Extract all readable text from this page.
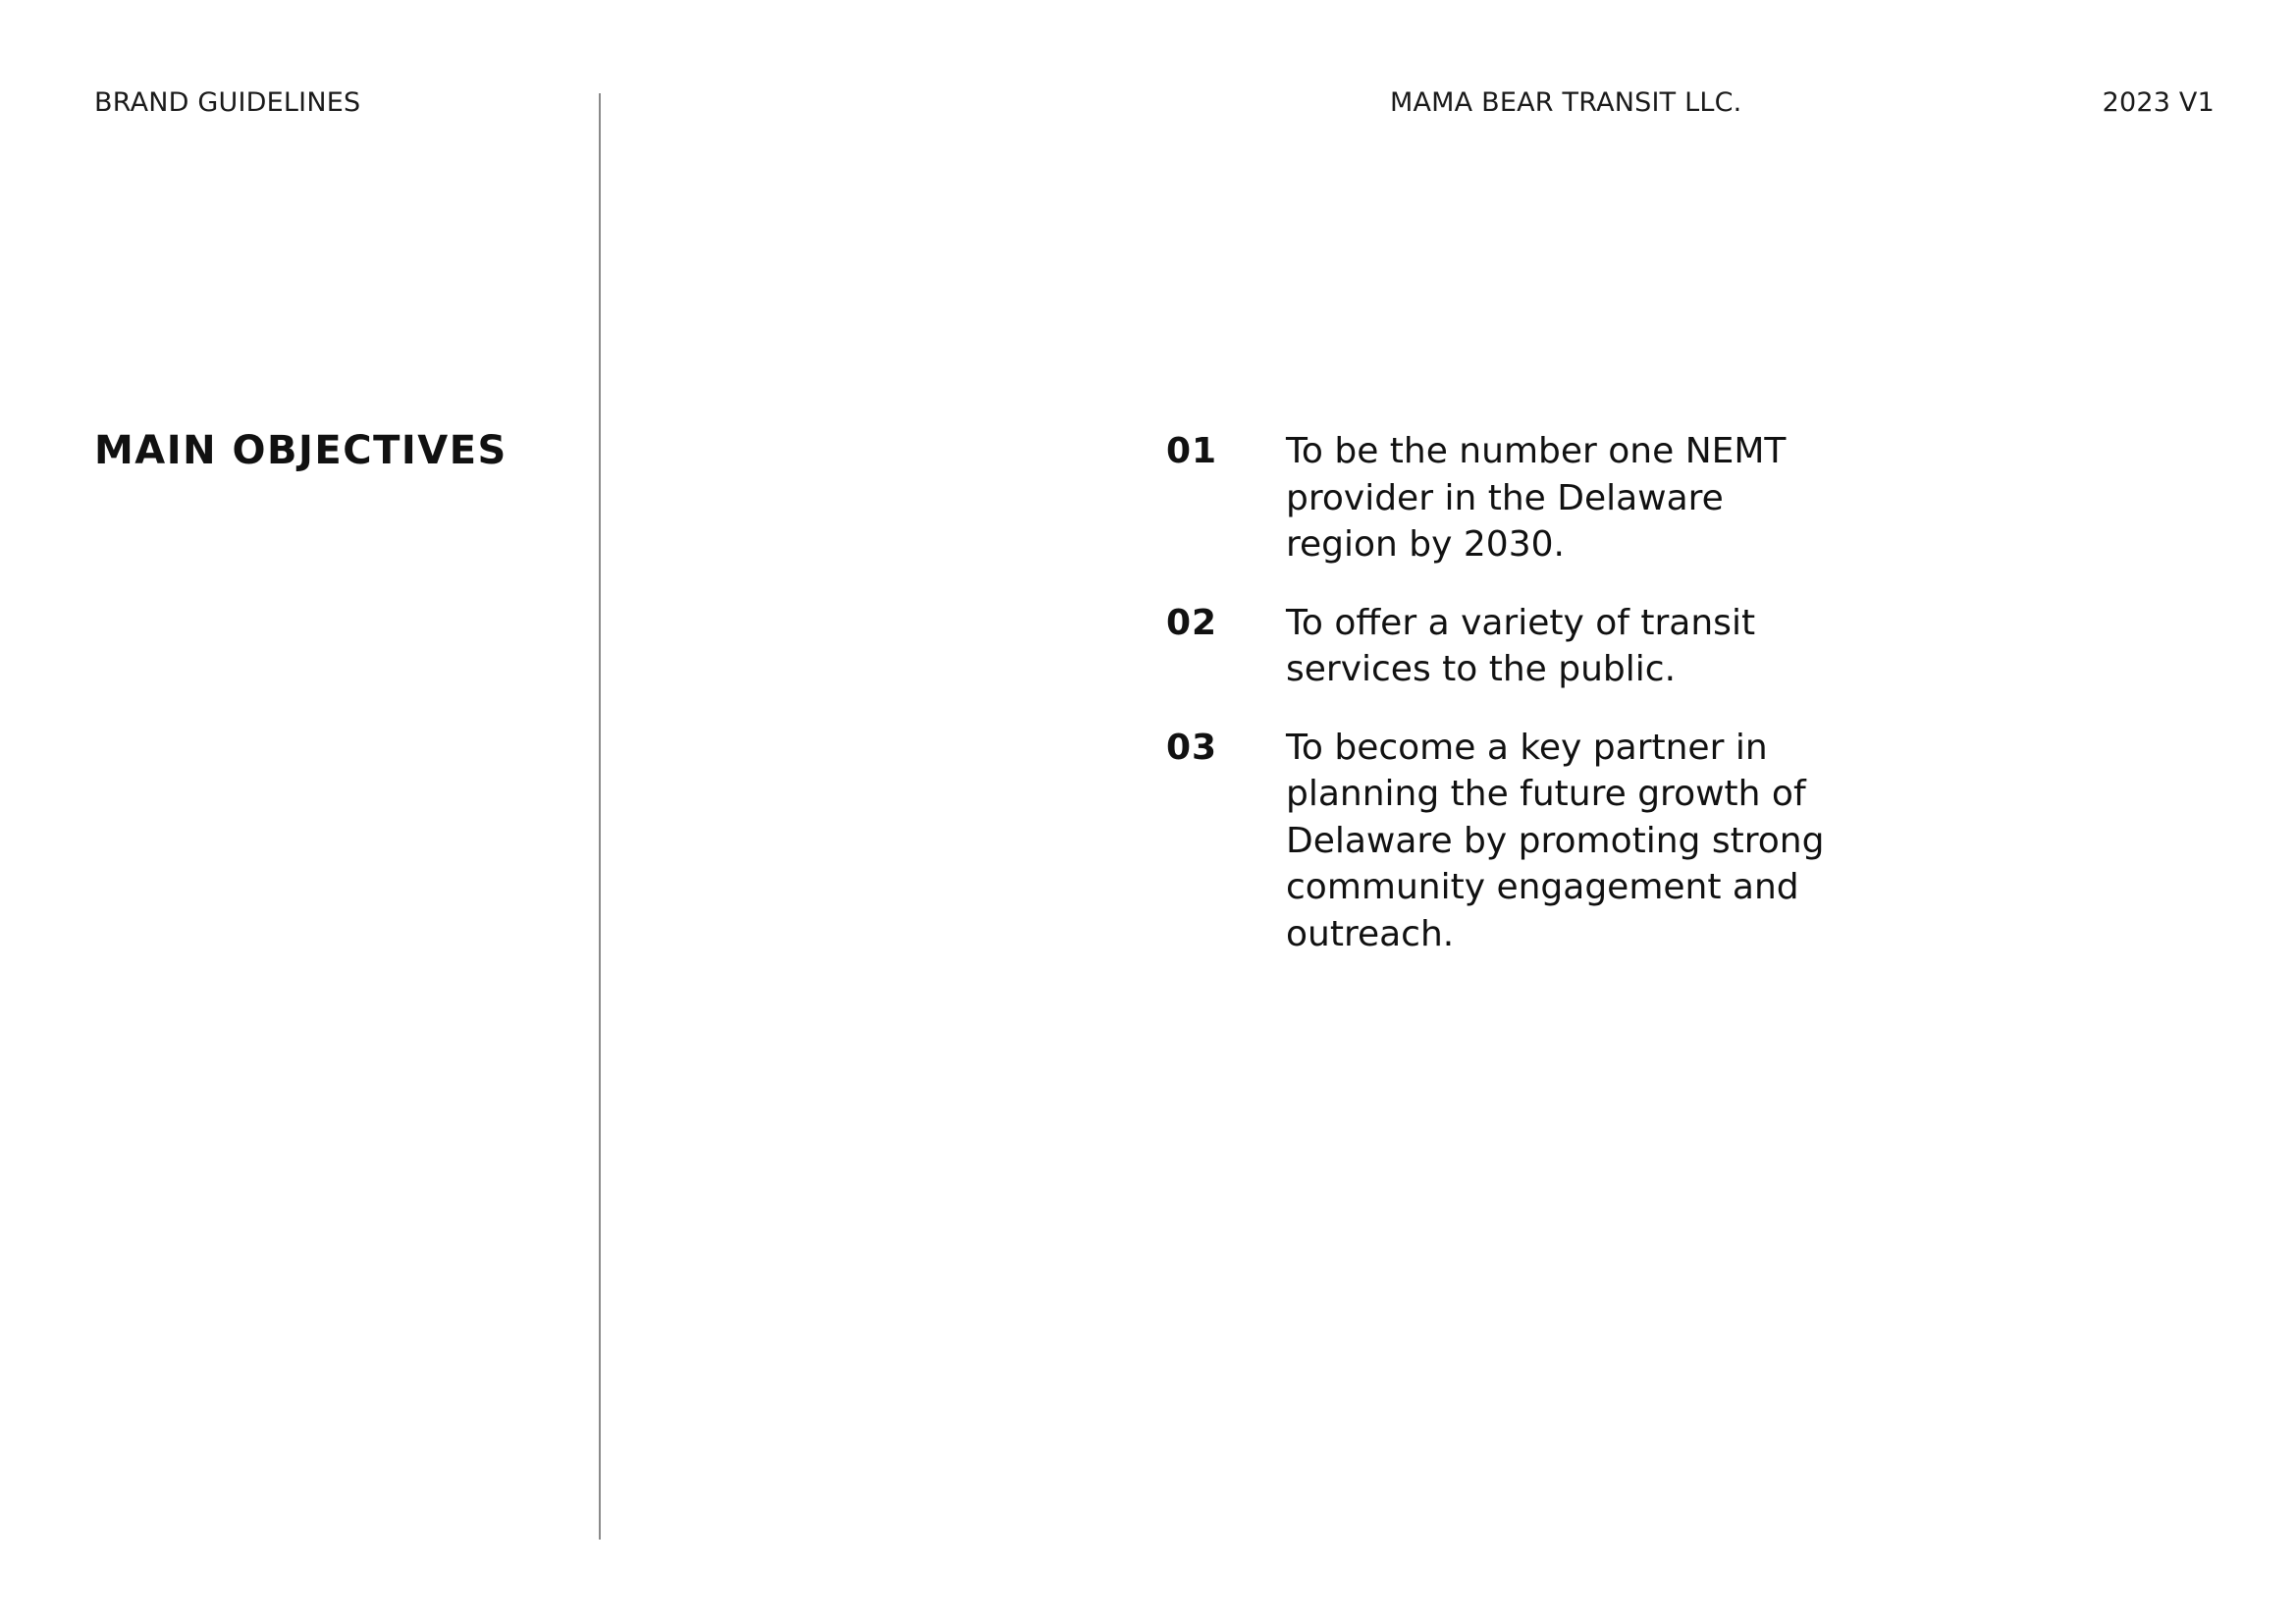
BRAND GUIDELINES	MAMA BEAR TRANSIT LLC.	2023 V1
MAIN OBJECTIVES	01	To be the number one NEMT provider in the Delaware region by 2030.
02	To offer a variety of transit services to the public.
03	To become a key partner in planning the future growth of Delaware by promoting strong community engagement and outreach.
